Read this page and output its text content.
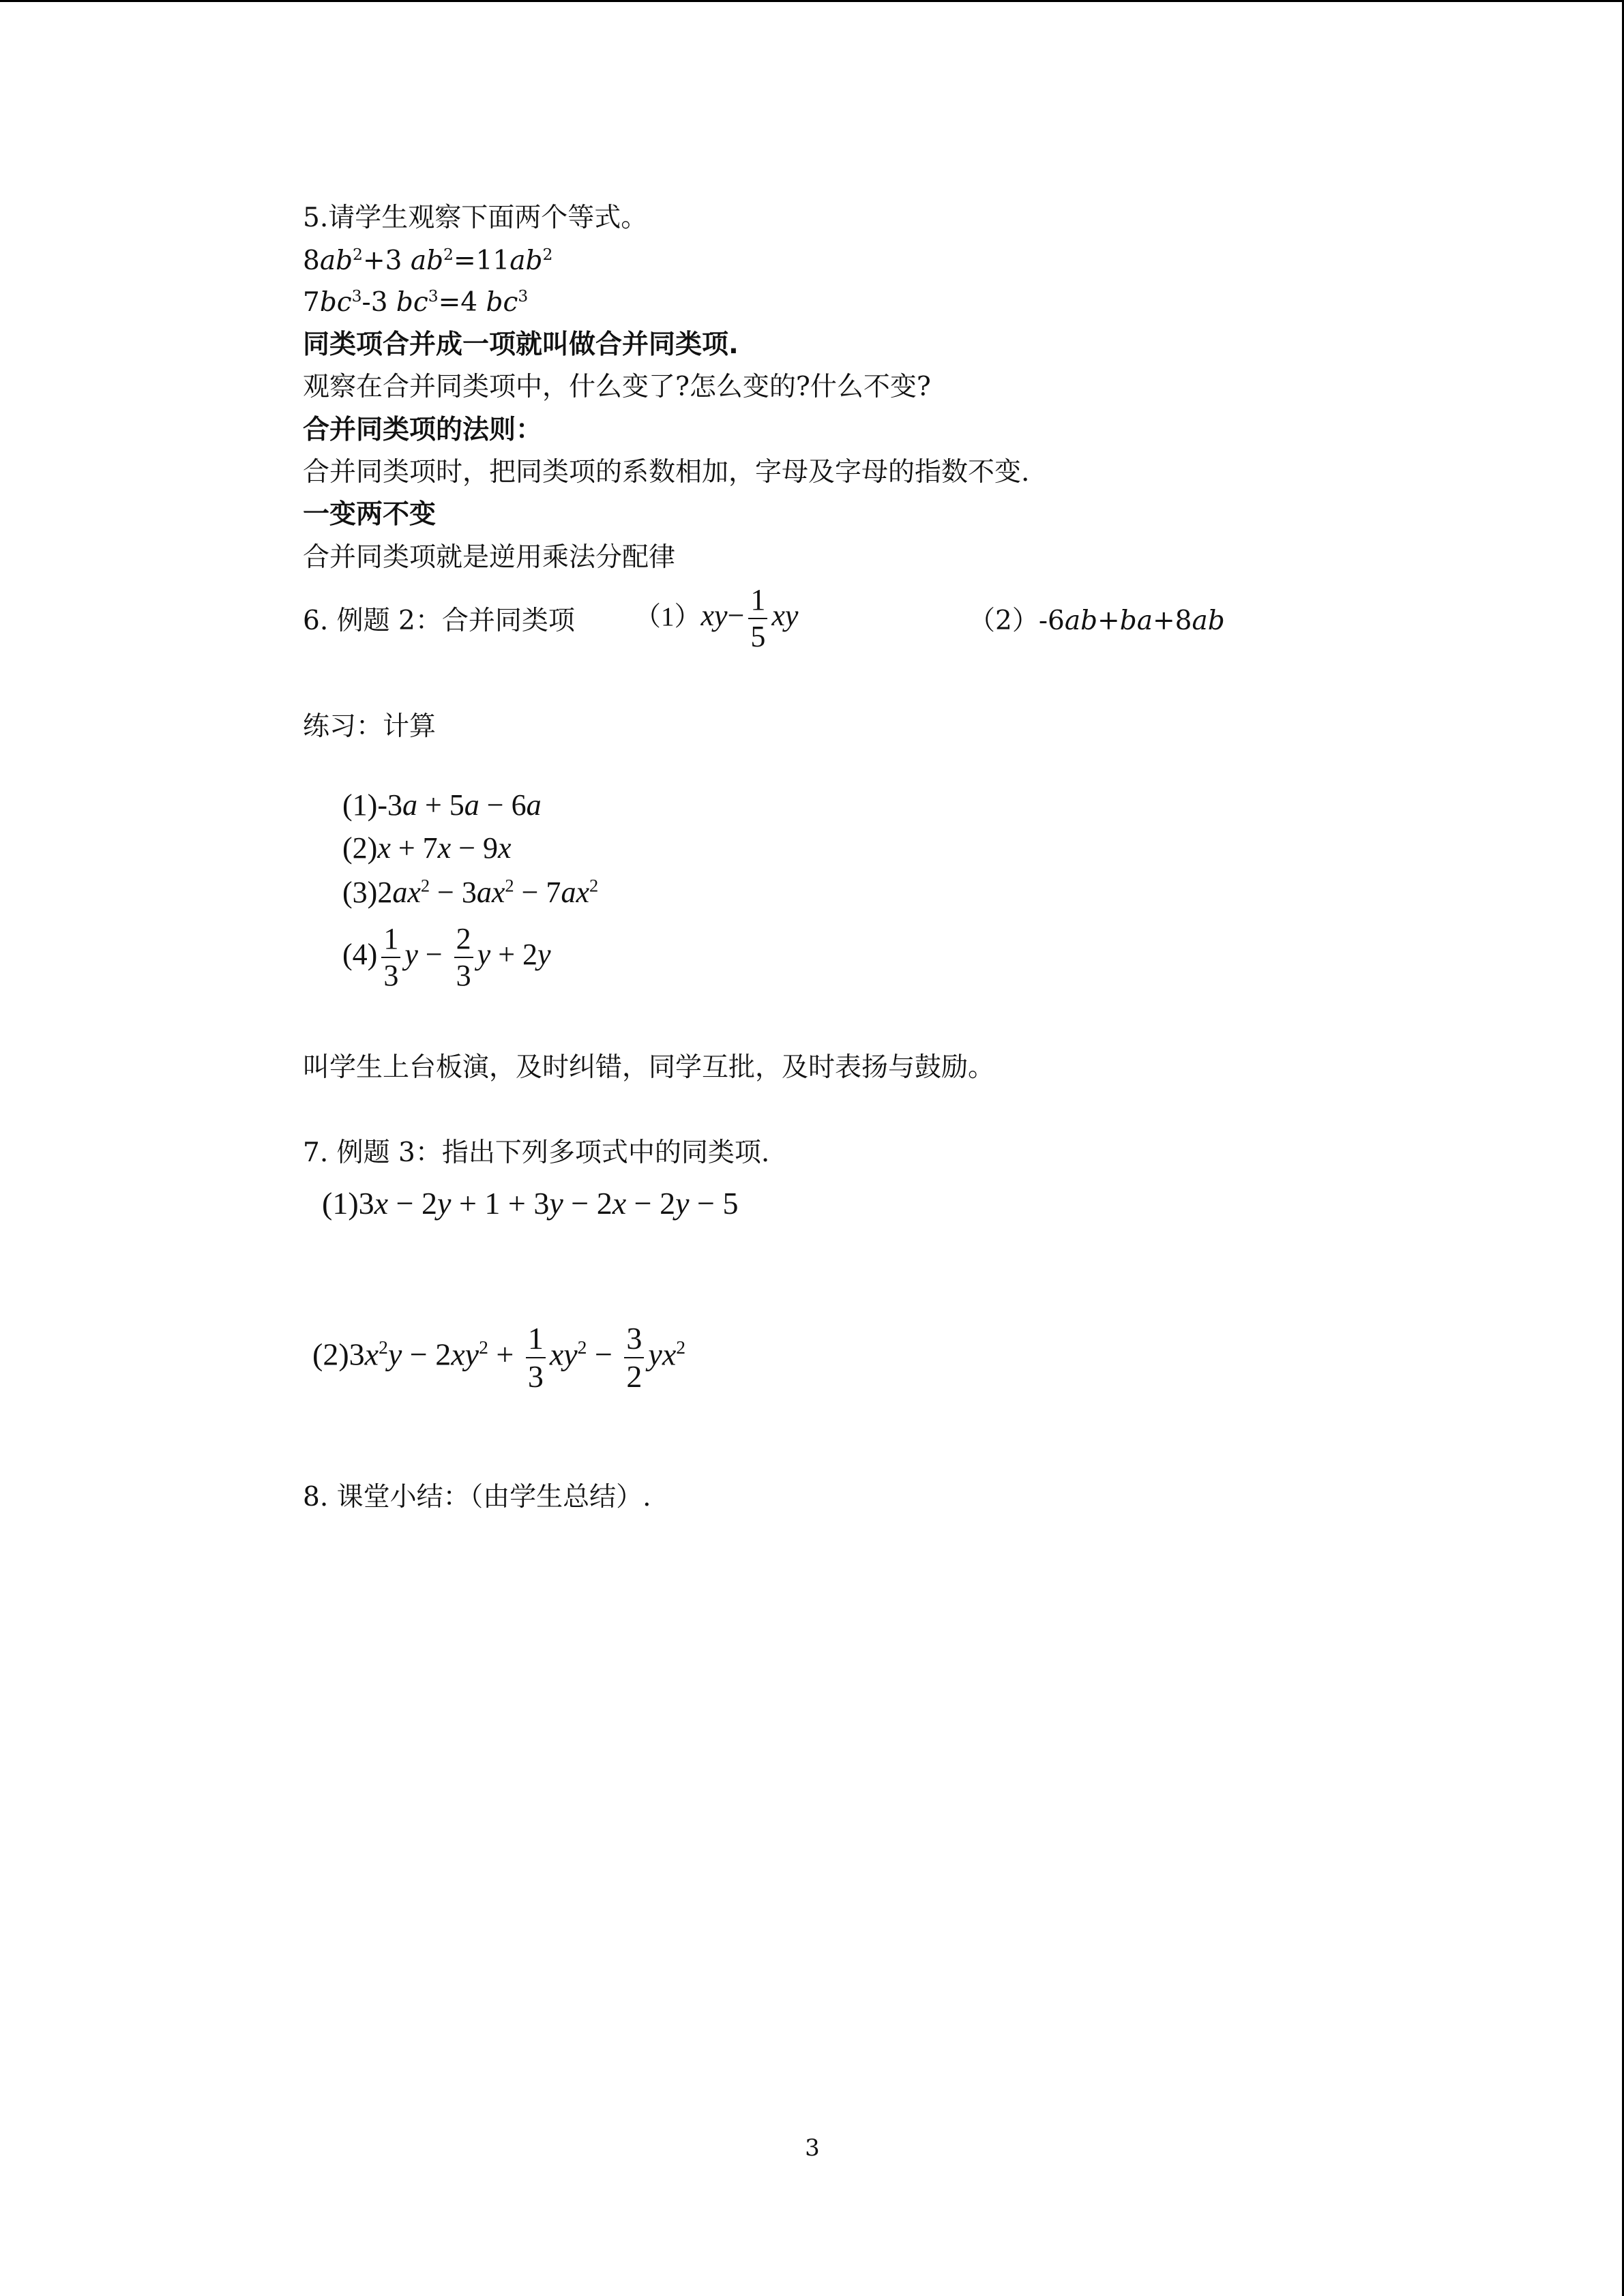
5.请学生观察下面两个等式。
$8ab^2+3$ $ab^2=11ab^2$
$7bc^3-3$ $bc^3=4$ $bc^3$
同类项合并成一项就叫做合并同类项.
观察在合并同类项中，什么变了?怎么变的?什么不变?
合并同类项的法则：
合并同类项时，把同类项的系数相加，字母及字母的指数不变.
一变两不变
合并同类项就是逆用乘法分配律
6. 例题 2：合并同类项 $(1)xy- \frac{1}{5}$ xy	（2）-6ab+ba+8ab
练习：计算
(1)-3a + 5a − 6a
(2)x + 7x − 9x
$(3)2ax^2 - 3ax^2 - 7ax^2$
$(4) \frac{1}{3}$ $y - \frac{2}{3}$ y + 2y
叫学生上台板演，及时纠错，同学互批，及时表扬与鼓励。
7. 例题 3：指出下列多项式中的同类项.
(1)3x − 2y + 1 + 3y − 2x − 2y − 5
$(2)3x^2y - 2xy^2 + \frac{1}{3} xy^2 - \frac{3}{2} yx^2$
8. 课堂小结：（由学生总结）.
3
